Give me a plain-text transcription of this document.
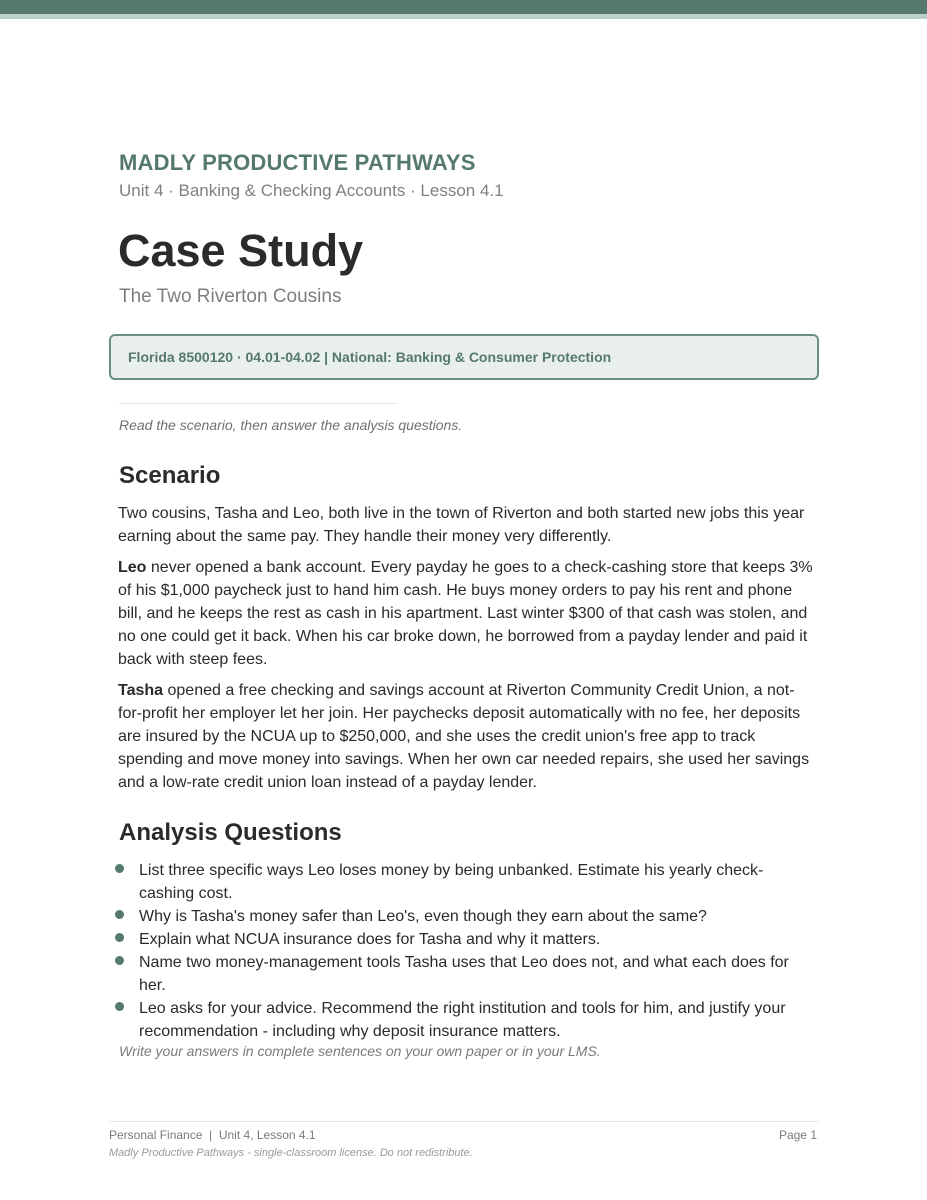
MADLY PRODUCTIVE PATHWAYS
Unit 4 · Banking & Checking Accounts · Lesson 4.1
Case Study
The Two Riverton Cousins
Florida 8500120 · 04.01-04.02 | National: Banking & Consumer Protection
Read the scenario, then answer the analysis questions.
Scenario

Two cousins, Tasha and Leo, both live in the town of Riverton and both started new jobs this year earning about the same pay. They handle their money very differently.

Leo never opened a bank account. Every payday he goes to a check-cashing store that keeps 3% of his $1,000 paycheck just to hand him cash. He buys money orders to pay his rent and phone bill, and he keeps the rest as cash in his apartment. Last winter $300 of that cash was stolen, and no one could get it back. When his car broke down, he borrowed from a payday lender and paid it back with steep fees.

Tasha opened a free checking and savings account at Riverton Community Credit Union, a not-for-profit her employer let her join. Her paychecks deposit automatically with no fee, her deposits are insured by the NCUA up to $250,000, and she uses the credit union's free app to track spending and move money into savings. When her own car needed repairs, she used her savings and a low-rate credit union loan instead of a payday lender.

Analysis Questions
List three specific ways Leo loses money by being unbanked. Estimate his yearly check-cashing cost.
Why is Tasha's money safer than Leo's, even though they earn about the same?
Explain what NCUA insurance does for Tasha and why it matters.
Name two money-management tools Tasha uses that Leo does not, and what each does for her.
Leo asks for your advice. Recommend the right institution and tools for him, and justify your recommendation - including why deposit insurance matters.
Write your answers in complete sentences on your own paper or in your LMS.
Personal Finance  |  Unit 4, Lesson 4.1	Page 1
Madly Productive Pathways - single-classroom license. Do not redistribute.
